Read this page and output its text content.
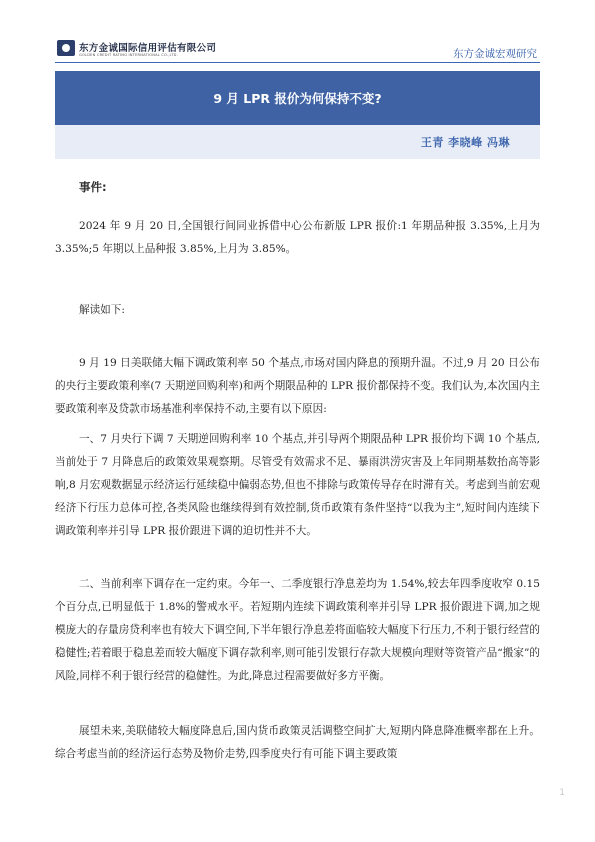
东方金诚国际信用评估有限公司
GOLDEN CREDIT RATING INTERNATIONAL CO.,LTD.	东方金诚宏观研究
9 月 LPR 报价为何保持不变?
王青 李晓峰 冯琳
事件:

2024 年 9 月 20 日,全国银行间同业拆借中心公布新版 LPR 报价:1 年期品种报 3.35%,上月为 3.35%;5 年期以上品种报 3.85%,上月为 3.85%。

解读如下:

9 月 19 日美联储大幅下调政策利率 50 个基点,市场对国内降息的预期升温。不过,9 月 20 日公布的央行主要政策利率(7 天期逆回购利率)和两个期限品种的 LPR 报价都保持不变。我们认为,本次国内主要政策利率及贷款市场基准利率保持不动,主要有以下原因:

一、7 月央行下调 7 天期逆回购利率 10 个基点,并引导两个期限品种 LPR 报价均下调 10 个基点,当前处于 7 月降息后的政策效果观察期。尽管受有效需求不足、暴雨洪涝灾害及上年同期基数抬高等影响,8 月宏观数据显示经济运行延续稳中偏弱态势,但也不排除与政策传导存在时滞有关。考虑到当前宏观经济下行压力总体可控,各类风险也继续得到有效控制,货币政策有条件坚持“以我为主”,短时间内连续下调政策利率并引导 LPR 报价跟进下调的迫切性并不大。

二、当前利率下调存在一定约束。今年一、二季度银行净息差均为 1.54%,较去年四季度收窄 0.15 个百分点,已明显低于 1.8%的警戒水平。若短期内连续下调政策利率并引导 LPR 报价跟进下调,加之规模庞大的存量房贷利率也有较大下调空间,下半年银行净息差将面临较大幅度下行压力,不利于银行经营的稳健性;若着眼于稳息差而较大幅度下调存款利率,则可能引发银行存款大规模向理财等资管产品“搬家”的风险,同样不利于银行经营的稳健性。为此,降息过程需要做好多方平衡。

展望未来,美联储较大幅度降息后,国内货币政策灵活调整空间扩大,短期内降息降准概率都在上升。综合考虑当前的经济运行态势及物价走势,四季度央行有可能下调主要政策

1
